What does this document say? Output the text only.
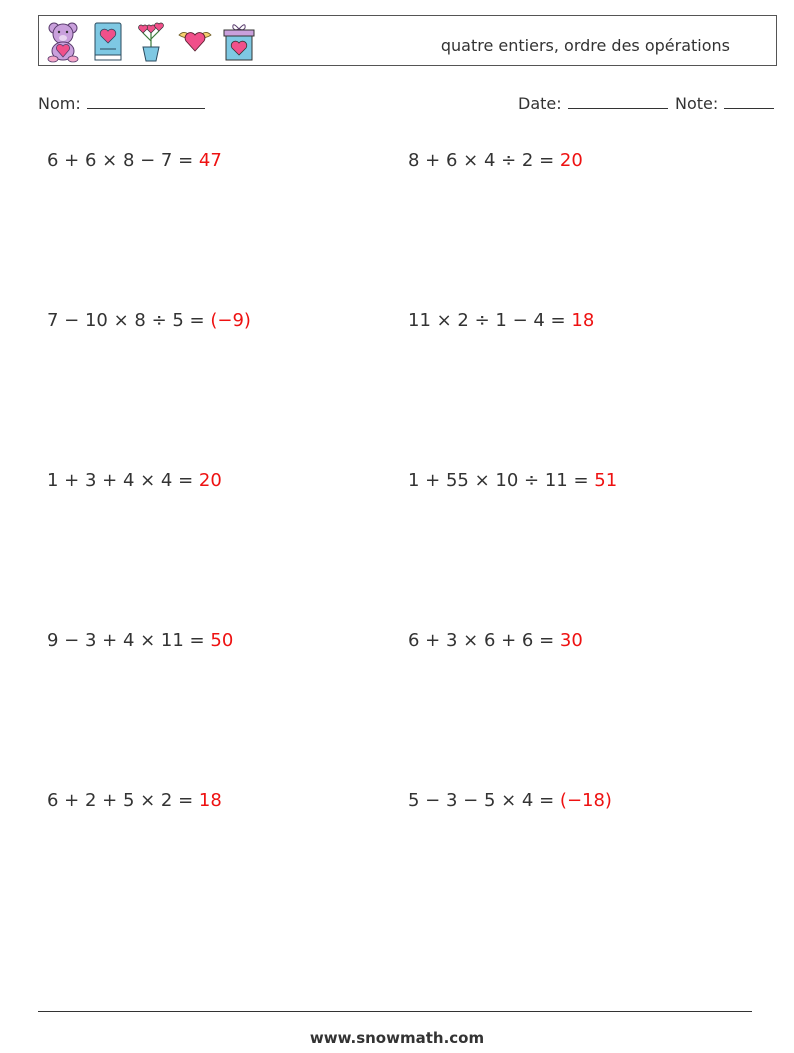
quatre entiers, ordre des opérations
Nom:	Date:	Note:
6 + 6 × 8 − 7 = 47	8 + 6 × 4 ÷ 2 = 20
7 − 10 × 8 ÷ 5 = (−9)	11 × 2 ÷ 1 − 4 = 18
1 + 3 + 4 × 4 = 20	1 + 55 × 10 ÷ 11 = 51
9 − 3 + 4 × 11 = 50	6 + 3 × 6 + 6 = 30
6 + 2 + 5 × 2 = 18	5 − 3 − 5 × 4 = (−18)
www.snowmath.com
